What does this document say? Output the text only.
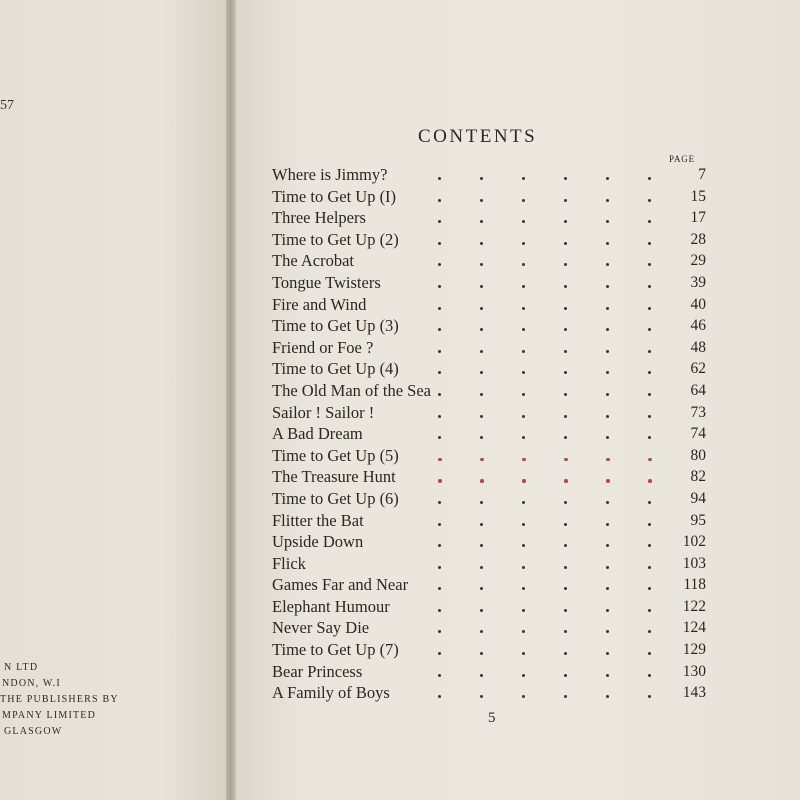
57
N LTD
NDON, W.I
THE PUBLISHERS BY
MPANY LIMITED
GLASGOW
CONTENTS
PAGE
Where is Jimmy?	7
Time to Get Up (I)	15
Three Helpers	17
Time to Get Up (2)	28
The Acrobat	29
Tongue Twisters	39
Fire and Wind	40
Time to Get Up (3)	46
Friend or Foe ?	48
Time to Get Up (4)	62
The Old Man of the Sea	64
Sailor ! Sailor !	73
A Bad Dream	74
Time to Get Up (5)	80
The Treasure Hunt	82
Time to Get Up (6)	94
Flitter the Bat	95
Upside Down	102
Flick	103
Games Far and Near	118
Elephant Humour	122
Never Say Die	124
Time to Get Up (7)	129
Bear Princess	130
A Family of Boys	143
5
